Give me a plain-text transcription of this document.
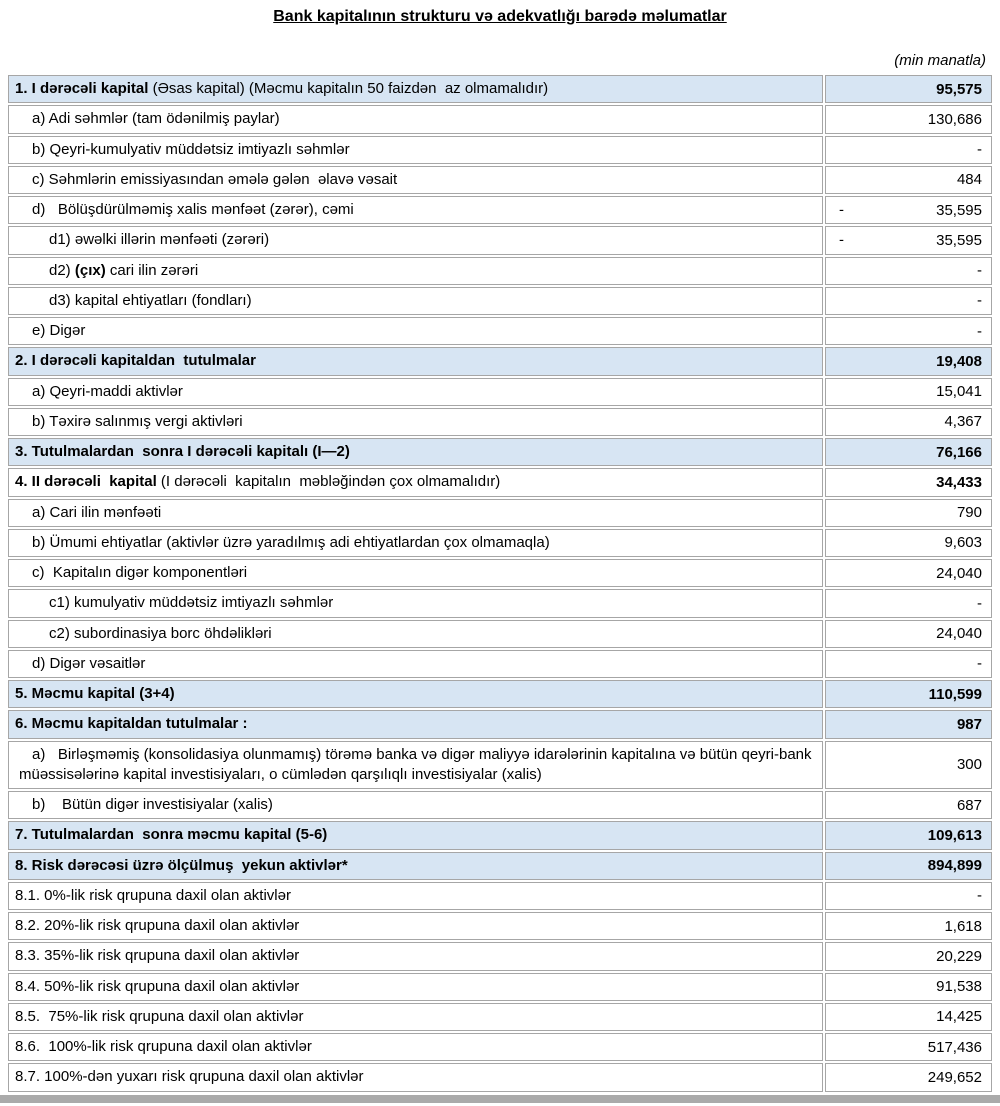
Bank kapitalının strukturu və adekvatlığı barədə məlumatlar
(min manatla)
1. I dərəcəli kapital (Əsas kapital) (Məcmu kapitalın 50 faizdən  az olmamalıdır)	95,575
a) Adi səhmlər (tam ödənilmiş paylar)	130,686
b) Qeyri-kumulyativ müddətsiz imtiyazlı səhmlər	-
c) Səhmlərin emissiyasından əmələ gələn  əlavə vəsait	484
d)   Bölüşdürülməmiş xalis mənfəət (zərər), cəmi	- 35,595
d1) əwəlki illərin mənfəəti (zərəri)	- 35,595
d2) (çıx) cari ilin zərəri	-
d3) kapital ehtiyatları (fondları)	-
e) Digər	-
2. I dərəcəli kapitaldan  tutulmalar	19,408
a) Qeyri-maddi aktivlər	15,041
b) Təxirə salınmış vergi aktivləri	4,367
3. Tutulmalardan  sonra I dərəcəli kapitalı (I—2)	76,166
4. II dərəcəli  kapital (I dərəcəli  kapitalın  məbləğindən çox olmamalıdır)	34,433
a) Cari ilin mənfəəti	790
b) Ümumi ehtiyatlar (aktivlər üzrə yaradılmış adi ehtiyatlardan çox olmamaqla)	9,603
c)  Kapitalın digər komponentləri	24,040
c1) kumulyativ müddətsiz imtiyazlı səhmlər	-
c2) subordinasiya borc öhdəlikləri	24,040
d) Digər vəsaitlər	-
5. Məcmu kapital (3+4)	110,599
6. Məcmu kapitaldan tutulmalar :	987
a)   Birləşməmiş (konsolidasiya olunmamış) törəmə banka və digər maliyyə idarələrinin kapitalına və bütün qeyri-bank müəssisələrinə kapital investisiyaları, o cümlədən qarşılıqlı investisiyalar (xalis)	300
b)    Bütün digər investisiyalar (xalis)	687
7. Tutulmalardan  sonra məcmu kapital (5-6)	109,613
8. Risk dərəcəsi üzrə ölçülmuş  yekun aktivlər*	894,899
8.1. 0%-lik risk qrupuna daxil olan aktivlər	-
8.2. 20%-lik risk qrupuna daxil olan aktivlər	1,618
8.3. 35%-lik risk qrupuna daxil olan aktivlər	20,229
8.4. 50%-lik risk qrupuna daxil olan aktivlər	91,538
8.5.  75%-lik risk qrupuna daxil olan aktivlər	14,425
8.6.  100%-lik risk qrupuna daxil olan aktivlər	517,436
8.7. 100%-dən yuxarı risk qrupuna daxil olan aktivlər	249,652
